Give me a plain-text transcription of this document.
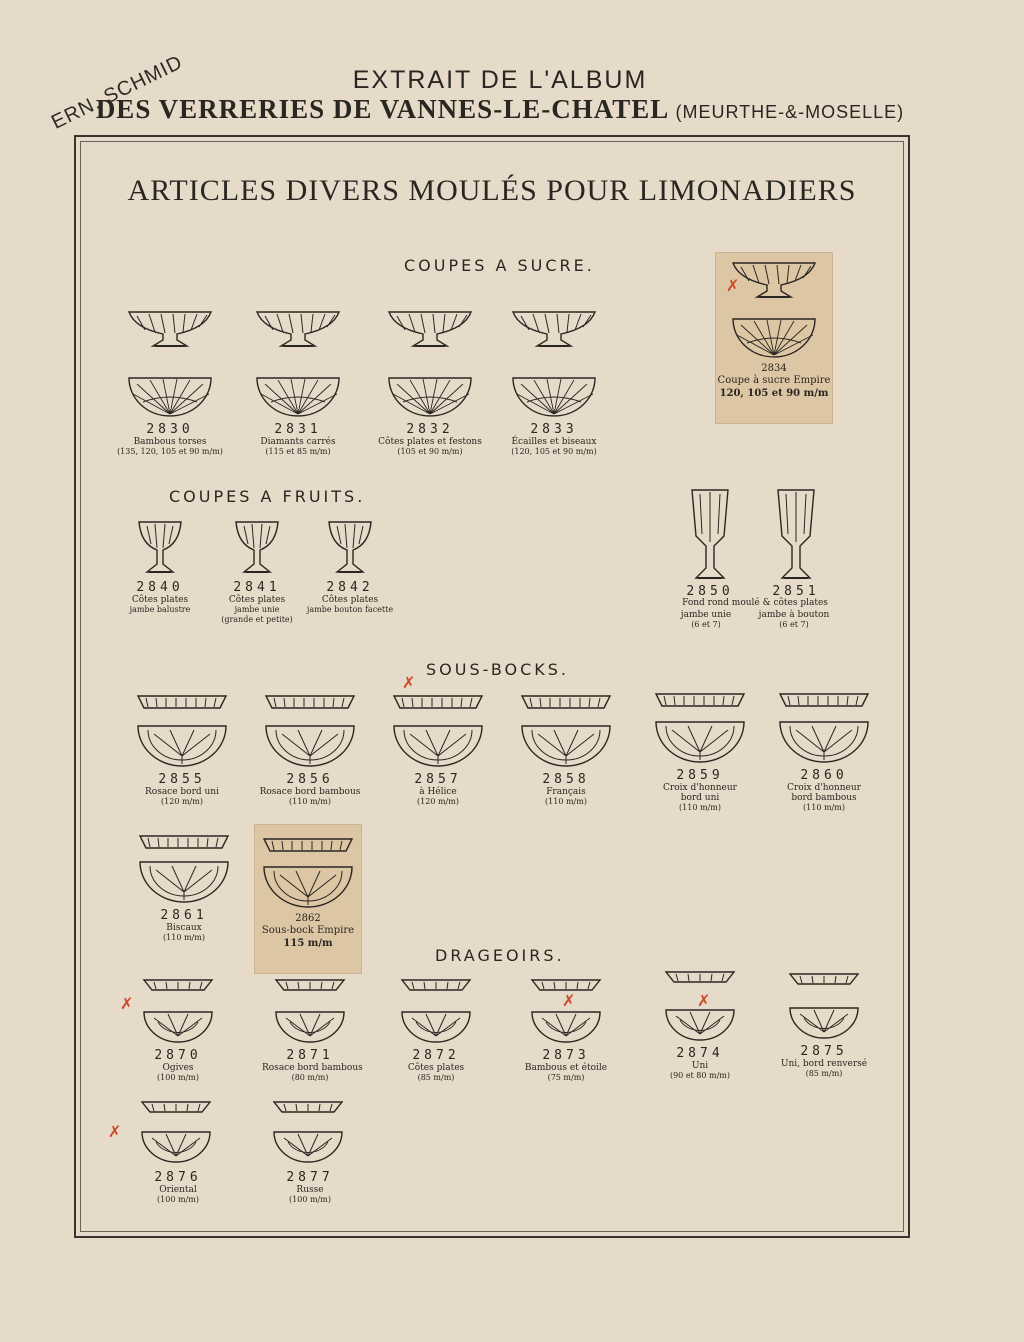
ERN. SCHMID	EXTRAIT DE L'ALBUM
DES VERRERIES DE VANNES-LE-CHATEL (MEURTHE-&-MOSELLE)
ARTICLES DIVERS MOULÉS POUR LIMONADIERS
COUPES A SUCRE.
2830
Bambous torses
(135, 120, 105 et 90 m/m)
2831
Diamants carrés
(115 et 85 m/m)
2832
Côtes plates et festons
(105 et 90 m/m)
2833
Écailles et biseaux
(120, 105 et 90 m/m)
2834
Coupe à sucre Empire
120, 105 et 90 m/m
✗
COUPES A FRUITS.
2840
Côtes plates
jambe balustre
2841
Côtes plates
jambe unie
(grande et petite)
2842
Côtes plates
jambe bouton facette
2850	2851
Fond rond moulé & côtes plates
jambe unie
(6 et 7)
jambe à bouton
(6 et 7)
SOUS-BOCKS.
✗
2855
Rosace bord uni
(120 m/m)
2856
Rosace bord bambous
(110 m/m)
2857
à Hélice
(120 m/m)
2858
Français
(110 m/m)
2859
Croix d'honneur
bord uni
(110 m/m)
2860
Croix d'honneur
bord bambous
(110 m/m)
2861
Biscaux
(110 m/m)
2862
Sous-bock Empire
115 m/m
DRAGEOIRS.
2870
Ogives
(100 m/m)
✗
2871
Rosace bord bambous
(80 m/m)
2872
Côtes plates
(85 m/m)
2873
Bambous et étoile
(75 m/m)
✗
2874
Uni
(90 et 80 m/m)
✗
2875
Uni, bord renversé
(85 m/m)
2876
Oriental
(100 m/m)
✗
2877
Russe
(100 m/m)
